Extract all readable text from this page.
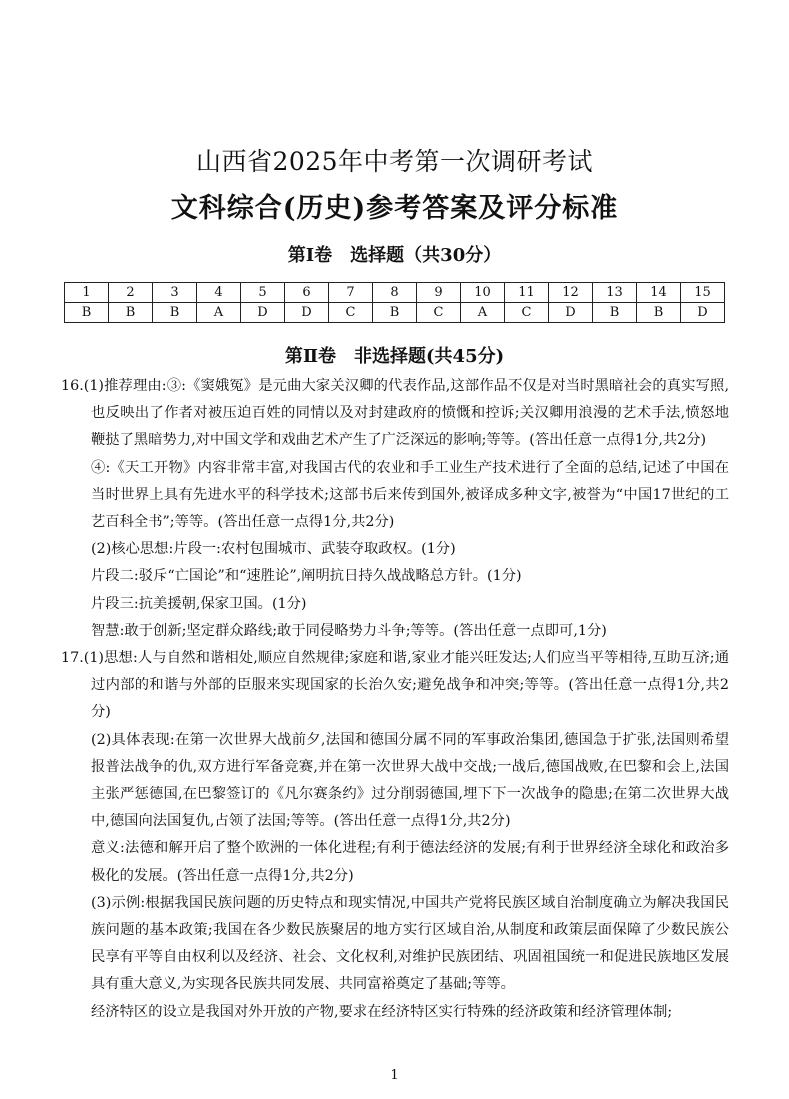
山西省2025年中考第一次调研考试
文科综合(历史)参考答案及评分标准
第Ⅰ卷　选择题（共30分）
1	2	3	4	5	6	7	8	9	10	11	12	13	14	15
B	B	B	A	D	D	C	B	C	A	C	D	B	B	D
第Ⅱ卷　非选择题(共45分)

16.(1)推荐理由:③:《窦娥冤》是元曲大家关汉卿的代表作品,这部作品不仅是对当时黑暗社会的真实写照,也反映出了作者对被压迫百姓的同情以及对封建政府的愤慨和控诉;关汉卿用浪漫的艺术手法,愤怒地鞭挞了黑暗势力,对中国文学和戏曲艺术产生了广泛深远的影响;等等。(答出任意一点得1分,共2分)

④:《天工开物》内容非常丰富,对我国古代的农业和手工业生产技术进行了全面的总结,记述了中国在当时世界上具有先进水平的科学技术;这部书后来传到国外,被译成多种文字,被誉为“中国17世纪的工艺百科全书”;等等。(答出任意一点得1分,共2分)

(2)核心思想:片段一:农村包围城市、武装夺取政权。(1分)

片段二:驳斥“亡国论”和“速胜论”,阐明抗日持久战战略总方针。(1分)

片段三:抗美援朝,保家卫国。(1分)

智慧:敢于创新;坚定群众路线;敢于同侵略势力斗争;等等。(答出任意一点即可,1分)

17.(1)思想:人与自然和谐相处,顺应自然规律;家庭和谐,家业才能兴旺发达;人们应当平等相待,互助互济;通过内部的和谐与外部的臣服来实现国家的长治久安;避免战争和冲突;等等。(答出任意一点得1分,共2分)

(2)具体表现:在第一次世界大战前夕,法国和德国分属不同的军事政治集团,德国急于扩张,法国则希望报普法战争的仇,双方进行军备竞赛,并在第一次世界大战中交战;一战后,德国战败,在巴黎和会上,法国主张严惩德国,在巴黎签订的《凡尔赛条约》过分削弱德国,埋下下一次战争的隐患;在第二次世界大战中,德国向法国复仇,占领了法国;等等。(答出任意一点得1分,共2分)

意义:法德和解开启了整个欧洲的一体化进程;有利于德法经济的发展;有利于世界经济全球化和政治多极化的发展。(答出任意一点得1分,共2分)

(3)示例:根据我国民族问题的历史特点和现实情况,中国共产党将民族区域自治制度确立为解决我国民族问题的基本政策;我国在各少数民族聚居的地方实行区域自治,从制度和政策层面保障了少数民族公民享有平等自由权利以及经济、社会、文化权利,对维护民族团结、巩固祖国统一和促进民族地区发展具有重大意义,为实现各民族共同发展、共同富裕奠定了基础;等等。

经济特区的设立是我国对外开放的产物,要求在经济特区实行特殊的经济政策和经济管理体制;

1
